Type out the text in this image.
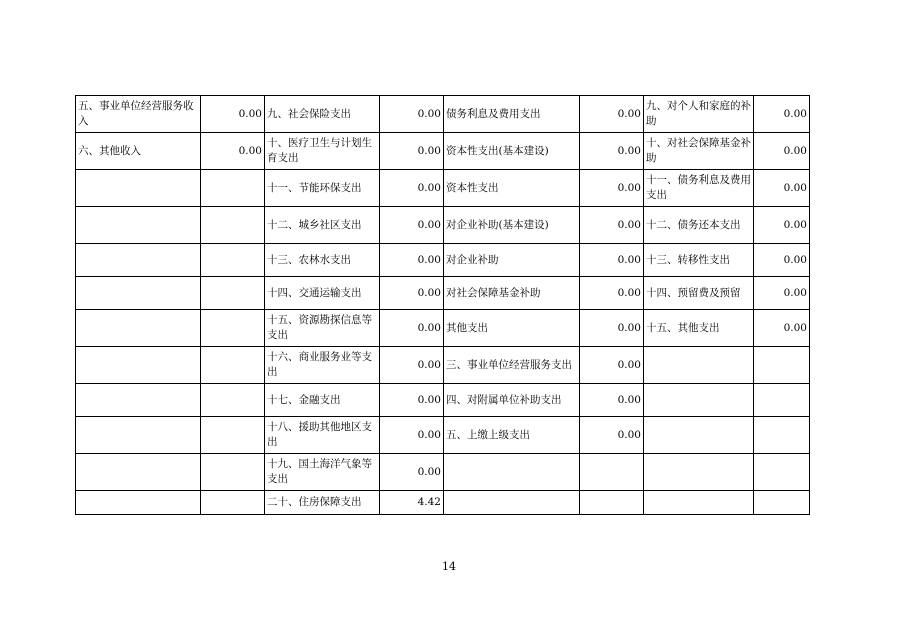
五、事业单位经营服务收入	0.00	九、社会保险支出	0.00	债务利息及费用支出	0.00	九、对个人和家庭的补助	0.00
六、其他收入	0.00	十、医疗卫生与计划生育支出	0.00	资本性支出(基本建设)	0.00	十、对社会保障基金补助	0.00
		十一、节能环保支出	0.00	资本性支出	0.00	十一、债务利息及费用支出	0.00
		十二、城乡社区支出	0.00	对企业补助(基本建设)	0.00	十二、债务还本支出	0.00
		十三、农林水支出	0.00	对企业补助	0.00	十三、转移性支出	0.00
		十四、交通运输支出	0.00	对社会保障基金补助	0.00	十四、预留费及预留	0.00
		十五、资源勘探信息等支出	0.00	其他支出	0.00	十五、其他支出	0.00
		十六、商业服务业等支出	0.00	三、事业单位经营服务支出	0.00		
		十七、金融支出	0.00	四、对附属单位补助支出	0.00		
		十八、援助其他地区支出	0.00	五、上缴上级支出	0.00		
		十九、国土海洋气象等支出	0.00				
		二十、住房保障支出	4.42				
14
